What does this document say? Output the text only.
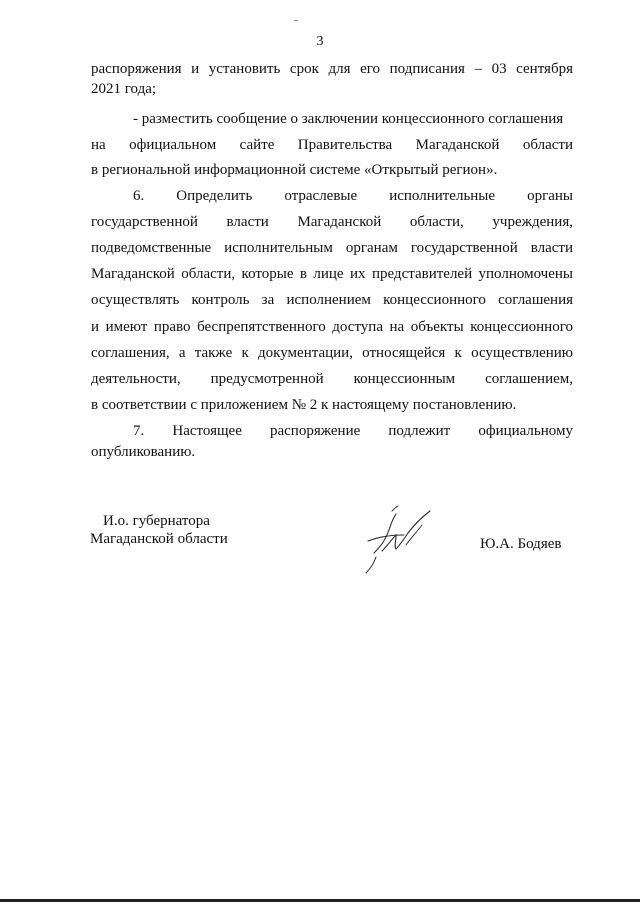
3
распоряжения и установить срок для его подписания – 03 сентября
2021 года;
- разместить сообщение о заключении концессионного соглашения
на официальном сайте Правительства Магаданской области
в региональной информационной системе «Открытый регион».
6. Определить отраслевые исполнительные органы
государственной власти Магаданской области, учреждения,
подведомственные исполнительным органам государственной власти
Магаданской области, которые в лице их представителей уполномочены
осуществлять контроль за исполнением концессионного соглашения
и имеют право беспрепятственного доступа на объекты концессионного
соглашения, а также к документации, относящейся к осуществлению
деятельности, предусмотренной концессионным соглашением,
в соответствии с приложением № 2 к настоящему постановлению.
7. Настоящее распоряжение подлежит официальному
опубликованию.
И.о. губернатора
Магаданской области	Ю.А. Бодяев
